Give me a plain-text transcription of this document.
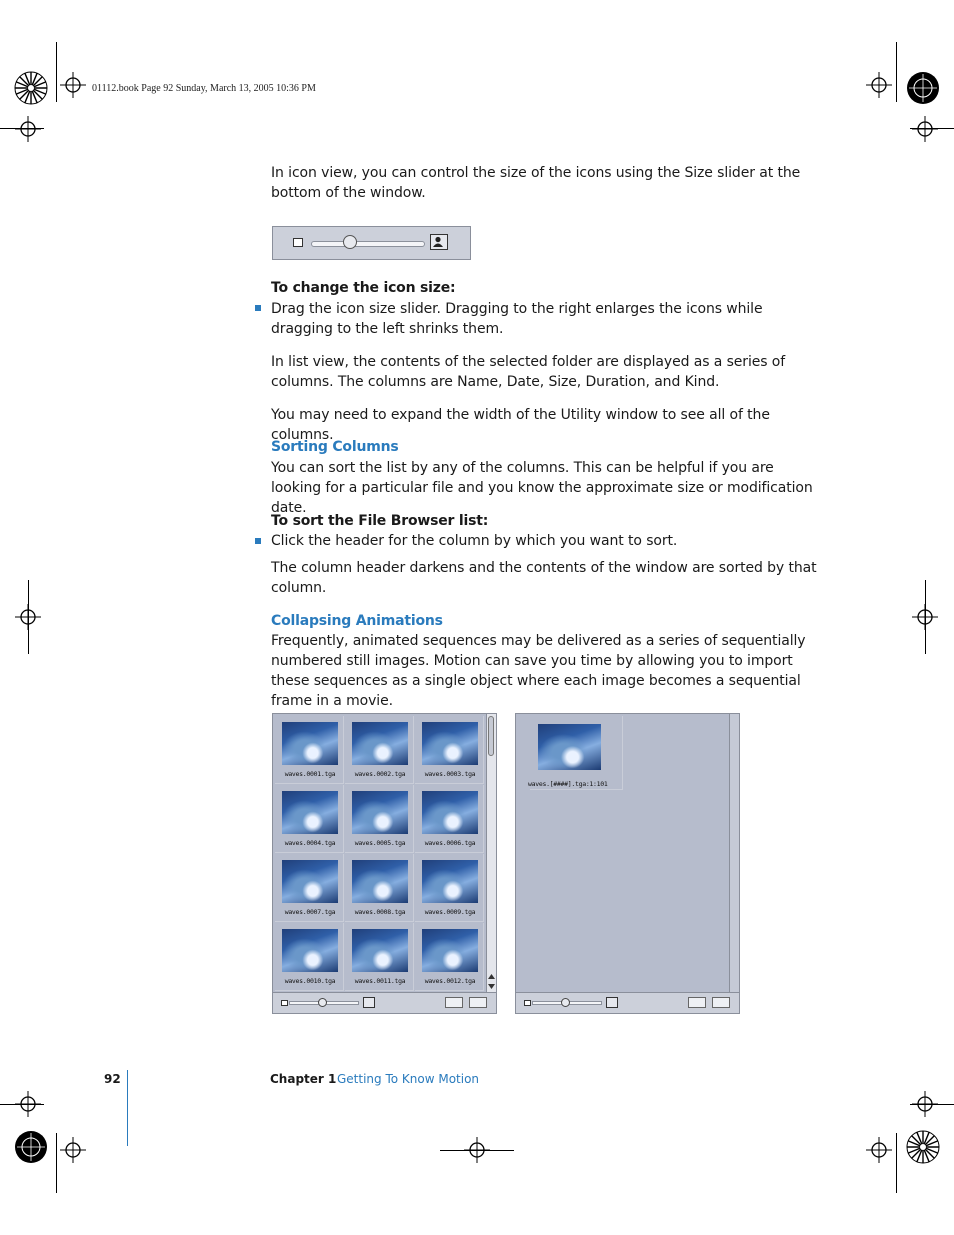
01112.book Page 92 Sunday, March 13, 2005 10:36 PM
In icon view, you can control the size of the icons using the Size slider at the bottom of the window.
To change the icon size:
Drag the icon size slider. Dragging to the right enlarges the icons while dragging to the left shrinks them.
In list view, the contents of the selected folder are displayed as a series of columns. The columns are Name, Date, Size, Duration, and Kind.
You may need to expand the width of the Utility window to see all of the columns.
Sorting Columns
You can sort the list by any of the columns. This can be helpful if you are looking for a particular file and you know the approximate size or modification date.
To sort the File Browser list:
Click the header for the column by which you want to sort.
The column header darkens and the contents of the window are sorted by that column.
Collapsing Animations
Frequently, animated sequences may be delivered as a series of sequentially numbered still images. Motion can save you time by allowing you to import these sequences as a single object where each image becomes a sequential frame in a movie.
waves.0001.tga	waves.0002.tga	waves.0003.tga
waves.0004.tga	waves.0005.tga	waves.0006.tga
waves.0007.tga	waves.0008.tga	waves.0009.tga
waves.0010.tga	waves.0011.tga	waves.0012.tga
waves.[####].tga:1:101
92	Chapter 1 Getting To Know Motion
